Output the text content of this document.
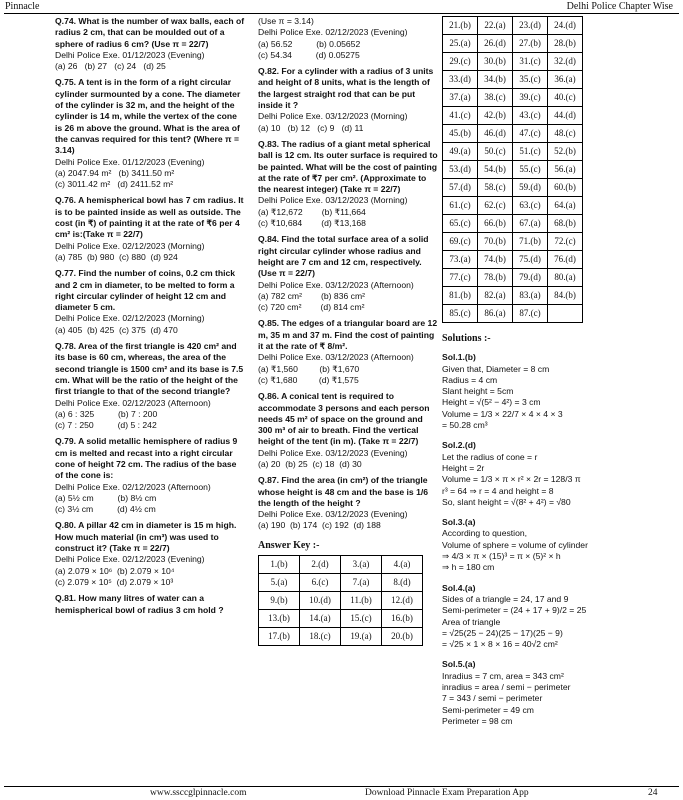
Pinnacle	Delhi Police Chapter Wise
Q.74. What is the number of wax balls, each of radius 2 cm, that can be moulded out of a sphere of radius 6 cm? (Use π = 22/7)
Delhi Police Exe. 01/12/2023 (Evening)
(a) 26   (b) 27   (c) 24   (d) 25
Q.75. A tent is in the form of a right circular cylinder surmounted by a cone. The diameter of the cylinder is 32 m, and the height of the cylinder is 14 m, while the vertex of the cone is 26 m above the ground. What is the area of the canvas required for this tent? (Where π = 3.14)
Delhi Police Exe. 01/12/2023 (Evening)
(a) 2047.94 m²   (b) 3411.50 m²
(c) 3011.42 m²   (d) 2411.52 m²
Q.76. A hemispherical bowl has 7 cm radius. It is to be painted inside as well as outside. The cost (in ₹) of painting it at the rate of ₹6 per 4 cm² is:(Take π = 22/7)
Delhi Police Exe. 02/12/2023 (Morning)
(a) 785  (b) 980  (c) 880  (d) 924
Q.77. Find the number of coins, 0.2 cm thick and 2 cm in diameter, to be melted to form a right circular cylinder of height 12 cm and diameter 5 cm.
Delhi Police Exe. 02/12/2023 (Morning)
(a) 405  (b) 425  (c) 375  (d) 470
Q.78. Area of the first triangle is 420 cm² and its base is 60 cm, whereas, the area of the second triangle is 1500 cm² and its base is 7.5 cm. What will be the ratio of the height of the first triangle to that of the second triangle?
Delhi Police Exe. 02/12/2023 (Afternoon)
(a) 6 : 325          (b) 7 : 200
(c) 7 : 250          (d) 5 : 242
Q.79. A solid metallic hemisphere of radius 9 cm is melted and recast into a right circular cone of height 72 cm. The radius of the base of the cone is:
Delhi Police Exe. 02/12/2023 (Afternoon)
(a) 5½ cm          (b) 8½ cm
(c) 3½ cm          (d) 4½ cm
Q.80. A pillar 42 cm in diameter is 15 m high. How much material (in cm³) was used to construct it? (Take π = 22/7)
Delhi Police Exe. 02/12/2023 (Evening)
(a) 2.079 × 10⁶  (b) 2.079 × 10⁴
(c) 2.079 × 10⁵  (d) 2.079 × 10³
Q.81. How many litres of water can a hemispherical bowl of radius 3 cm hold ?
(Use π = 3.14)
Delhi Police Exe. 02/12/2023 (Evening)
(a) 56.52          (b) 0.05652
(c) 54.34          (d) 0.05275
Q.82. For a cylinder with a radius of 3 units and height of 8 units, what is the length of the largest straight rod that can be put inside it ?
Delhi Police Exe. 03/12/2023 (Morning)
(a) 10   (b) 12   (c) 9   (d) 11
Q.83. The radius of a giant metal spherical ball is 12 cm. Its outer surface is required to be painted. What will be the cost of painting at the rate of ₹7 per cm². (Approximate to the nearest integer) (Take π = 22/7)
Delhi Police Exe. 03/12/2023 (Morning)
(a) ₹12,672        (b) ₹11,664
(c) ₹10,684        (d) ₹13,168
Q.84. Find the total surface area of a solid right circular cylinder whose radius and height are 7 cm and 12 cm, respectively. (Use π = 22/7)
Delhi Police Exe. 03/12/2023 (Afternoon)
(a) 782 cm²        (b) 836 cm²
(c) 720 cm²        (d) 814 cm²
Q.85. The edges of a triangular board are 12 m, 35 m and 37 m. Find the cost of painting it at the rate of ₹ 8/m².
Delhi Police Exe. 03/12/2023 (Afternoon)
(a) ₹1,560         (b) ₹1,670
(c) ₹1,680         (d) ₹1,575
Q.86. A conical tent is required to accommodate 3 persons and each person needs 45 m² of space on the ground and 300 m³ of air to breath. Find the vertical height of the tent (in m). (Take π = 22/7)
Delhi Police Exe. 03/12/2023 (Evening)
(a) 20  (b) 25  (c) 18  (d) 30
Q.87. Find the area (in cm²) of the triangle whose height is 48 cm and the base is 1/6 the length of the height ?
Delhi Police Exe. 03/12/2023 (Evening)
(a) 190  (b) 174  (c) 192  (d) 188
Answer Key :-
1.(b)	2.(d)	3.(a)	4.(a)
5.(a)	6.(c)	7.(a)	8.(d)
9.(b)	10.(d)	11.(b)	12.(d)
13.(b)	14.(a)	15.(c)	16.(b)
17.(b)	18.(c)	19.(a)	20.(b)
21.(b)	22.(a)	23.(d)	24.(d)
25.(a)	26.(d)	27.(b)	28.(b)
29.(c)	30.(b)	31.(c)	32.(d)
33.(d)	34.(b)	35.(c)	36.(a)
37.(a)	38.(c)	39.(c)	40.(c)
41.(c)	42.(b)	43.(c)	44.(d)
45.(b)	46.(d)	47.(c)	48.(c)
49.(a)	50.(c)	51.(c)	52.(b)
53.(d)	54.(b)	55.(c)	56.(a)
57.(d)	58.(c)	59.(d)	60.(b)
61.(c)	62.(c)	63.(c)	64.(a)
65.(c)	66.(b)	67.(a)	68.(b)
69.(c)	70.(b)	71.(b)	72.(c)
73.(a)	74.(b)	75.(d)	76.(d)
77.(c)	78.(b)	79.(d)	80.(a)
81.(b)	82.(a)	83.(a)	84.(b)
85.(c)	86.(a)	87.(c)	
Solutions :-
Sol.1.(b)
Given that, Diameter = 8 cm
Radius = 4 cm
Slant height = 5cm
Height = √(5² − 4²) = 3 cm
Volume = 1/3 × 22/7 × 4 × 4 × 3
= 50.28 cm³
Sol.2.(d)
Let the radius of cone = r
Height = 2r
Volume = 1/3 × π × r² × 2r = 128/3 π
r³ = 64 ⇒ r = 4 and height = 8
So, slant height = √(8² + 4²) = √80
Sol.3.(a)
According to question,
Volume of sphere = volume of cylinder
⇒ 4/3 × π × (15)³ = π × (5)² × h
⇒ h = 180 cm
Sol.4.(a)
Sides of a triangle = 24, 17 and 9
Semi-perimeter = (24 + 17 + 9)/2 = 25
Area of triangle
= √25(25 − 24)(25 − 17)(25 − 9)
= √25 × 1 × 8 × 16 = 40√2 cm²
Sol.5.(a)
Inradius = 7 cm, area = 343 cm²
inradius = area / semi − perimeter
7 = 343 / semi − perimeter
Semi-perimeter = 49 cm
Perimeter = 98 cm
www.ssccglpinnacle.com	Download Pinnacle Exam Preparation App	24
